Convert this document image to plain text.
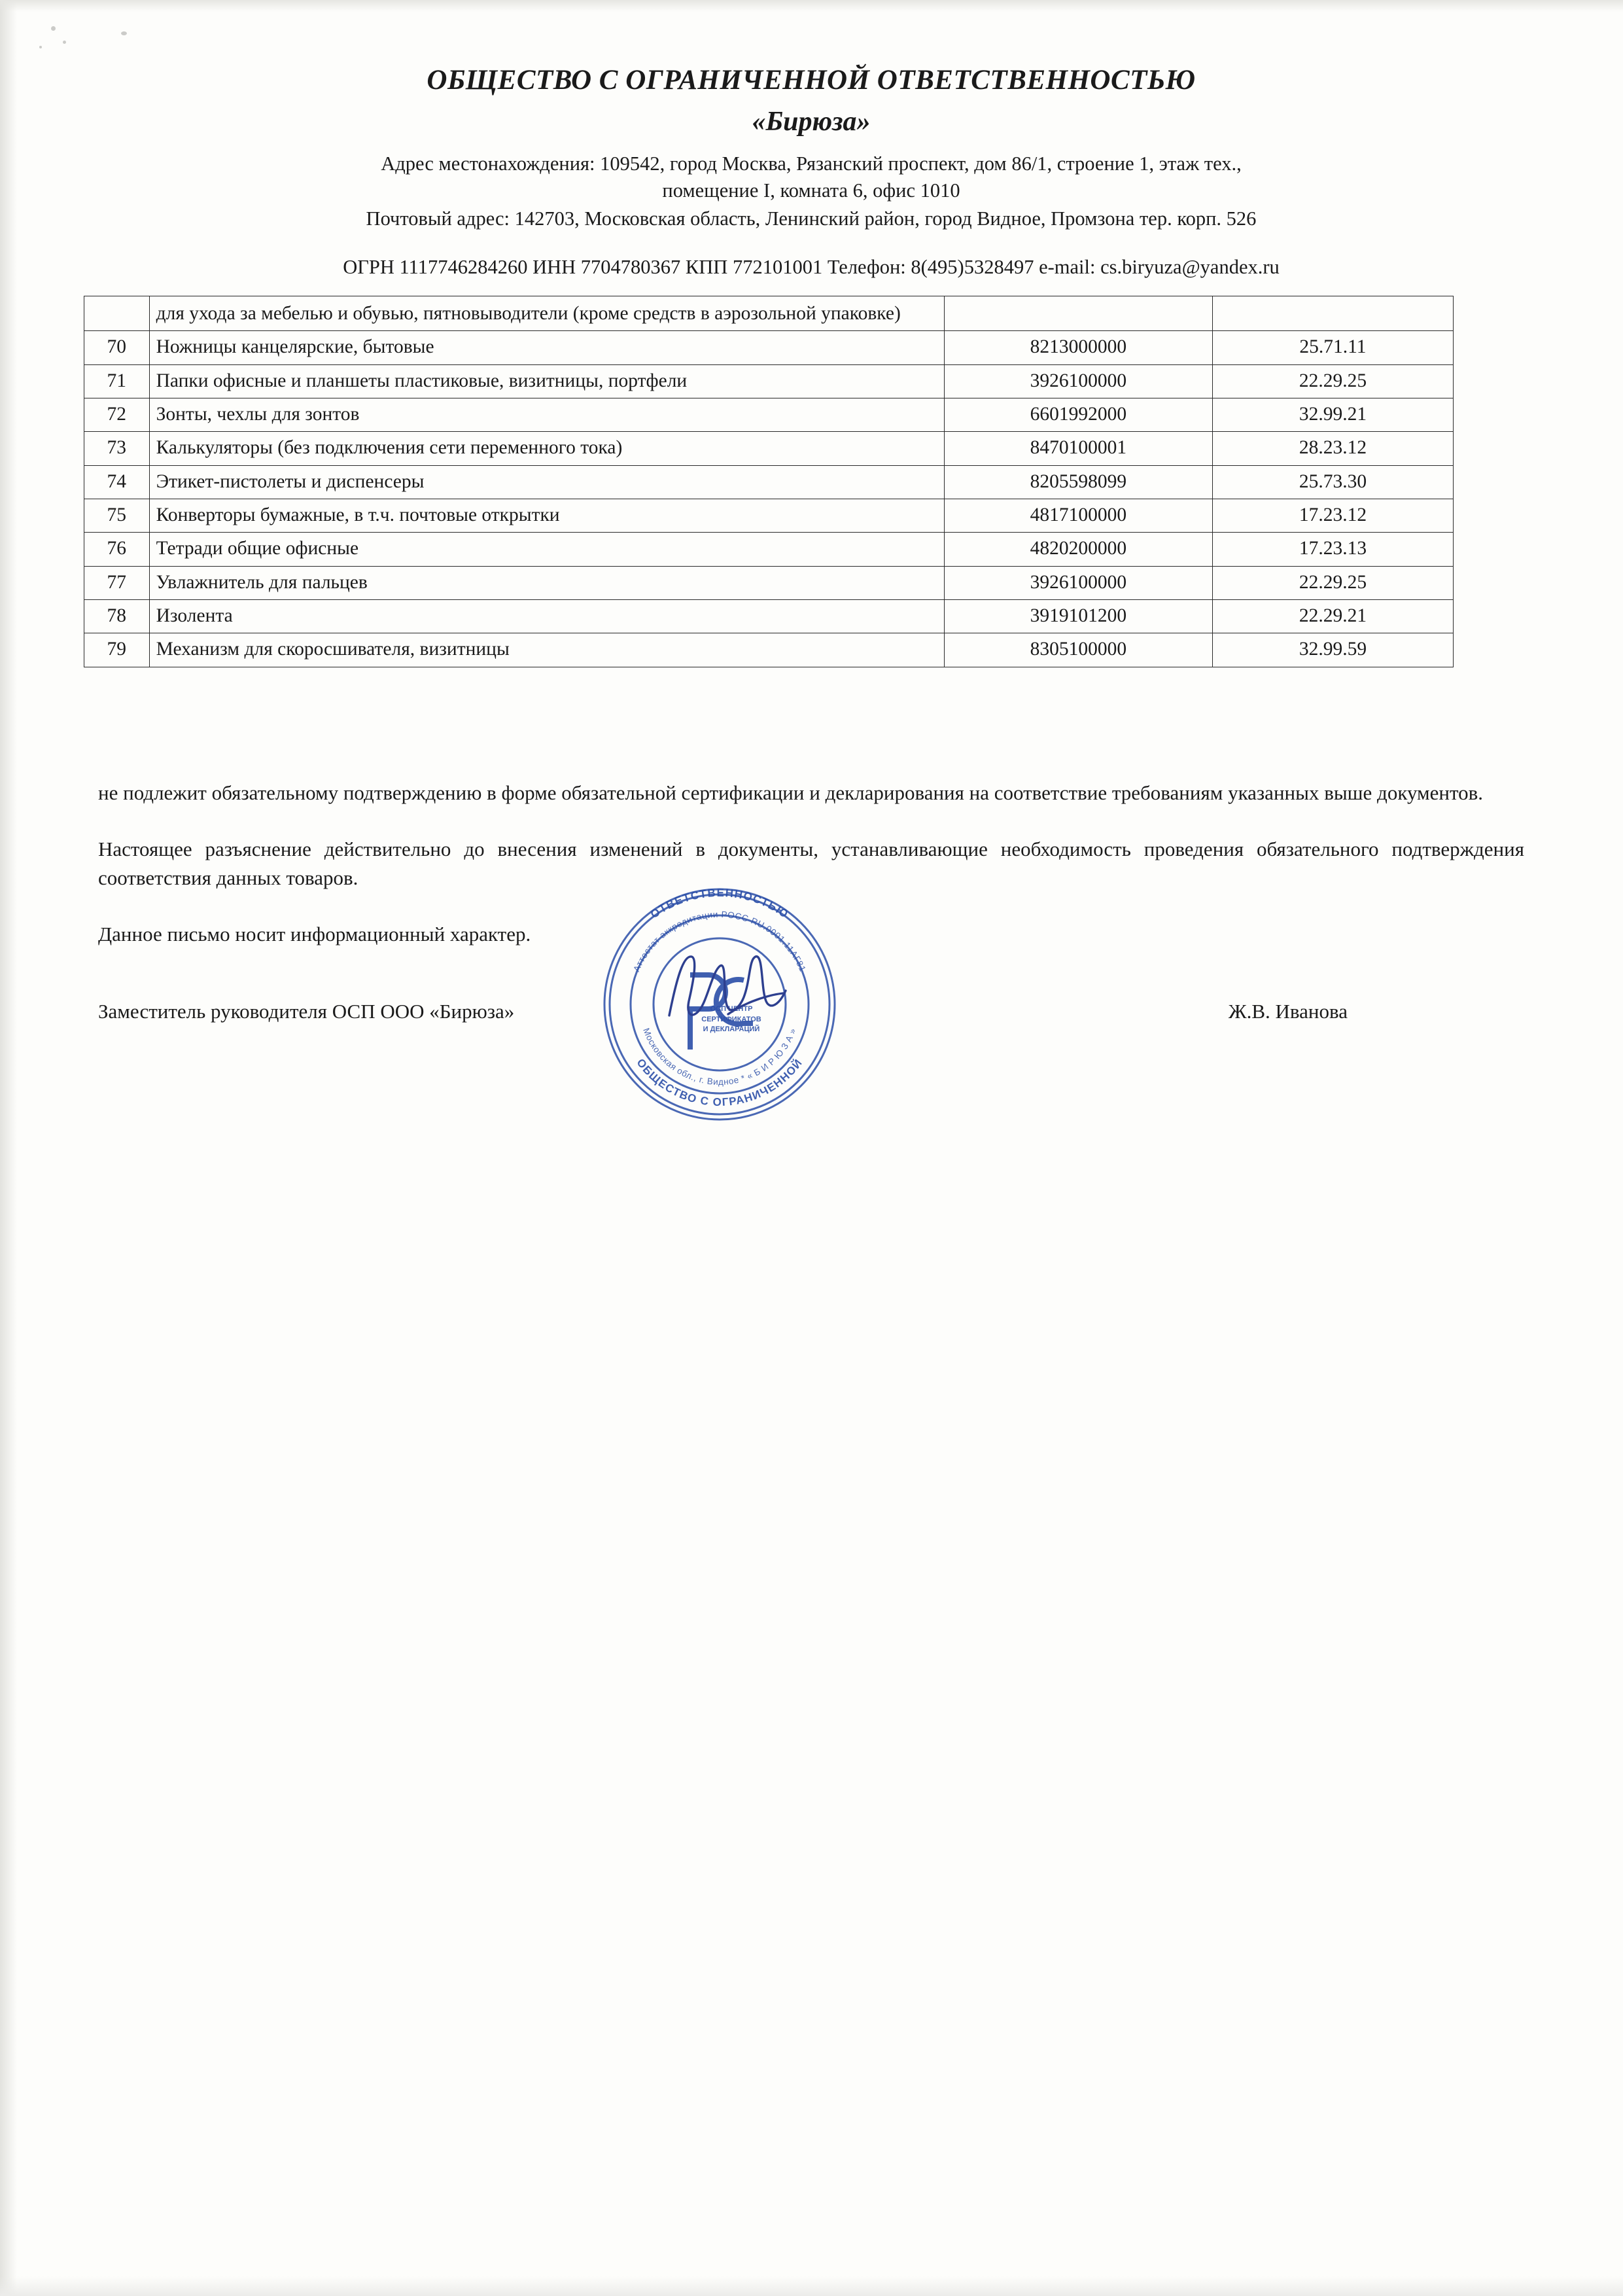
ОБЩЕСТВО С ОГРАНИЧЕННОЙ ОТВЕТСТВЕННОСТЬЮ
«Бирюза»
Адрес местонахождения: 109542, город Москва, Рязанский проспект, дом 86/1, строение 1, этаж тех.,
помещение I, комната 6, офис 1010
Почтовый адрес: 142703, Московская область, Ленинский район, город Видное, Промзона тер. корп. 526
ОГРН 1117746284260 ИНН 7704780367 КПП 772101001 Телефон: 8(495)5328497 e-mail: cs.biryuza@yandex.ru
	для ухода за мебелью и обувью, пятновыводители (кроме средств в аэрозольной упаковке)		
70	Ножницы канцелярские, бытовые	8213000000	25.71.11
71	Папки офисные и планшеты пластиковые, визитницы, портфели	3926100000	22.29.25
72	Зонты, чехлы для зонтов	6601992000	32.99.21
73	Калькуляторы (без подключения сети переменного тока)	8470100001	28.23.12
74	Этикет-пистолеты и диспенсеры	8205598099	25.73.30
75	Конверторы бумажные, в т.ч. почтовые открытки	4817100000	17.23.12
76	Тетради общие офисные	4820200000	17.23.13
77	Увлажнитель для пальцев	3926100000	22.29.25
78	Изолента	3919101200	22.29.21
79	Механизм для скоросшивателя, визитницы	8305100000	32.99.59
не подлежит обязательному подтверждению в форме обязательной сертификации и декларирования на соответствие требованиям указанных выше документов.
Настоящее разъяснение действительно до внесения изменений в документы, устанавливающие необходимость проведения обязательного подтверждения соответствия данных товаров.
Данное письмо носит информационный характер.
Заместитель руководителя ОСП ООО «Бирюза»	Ж.В. Иванова
ОТВЕТСТВЕННОСТЬЮ
ОБЩЕСТВО С ОГРАНИЧЕННОЙ
Аттестат аккредитации РОСС RU.0001.11АГ81
Московская обл., г. Видное * « Б И Р Ю З А »
ОСП ЦЕНТР
СЕРТИФИКАТОВ
И ДЕКЛАРАЦИЙ
